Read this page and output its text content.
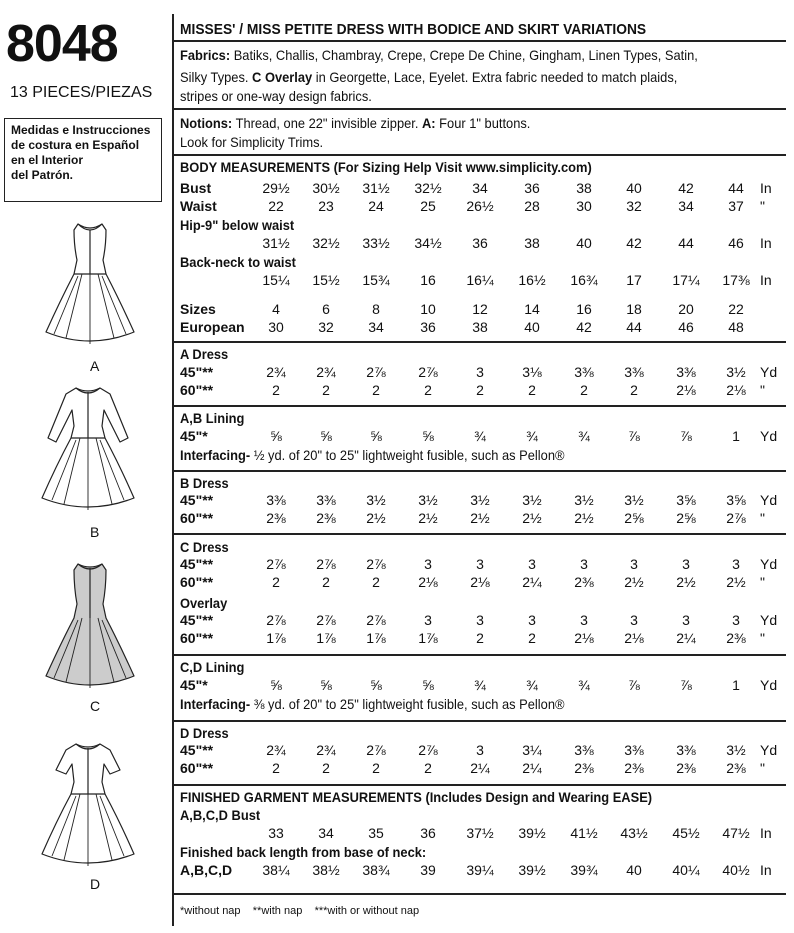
8048
13 PIECES/PIEZAS
Medidas e Instrucciones
de costura en Español
en el Interior
del Patrón.
A
B
C
D
MISSES' / MISS PETITE DRESS WITH BODICE AND SKIRT VARIATIONS
Fabrics: Batiks, Challis, Chambray, Crepe, Crepe De Chine, Gingham, Linen Types, Satin,
Silky Types. C Overlay in Georgette, Lace, Eyelet. Extra fabric needed to match plaids,
stripes or one-way design fabrics.
Notions: Thread, one 22" invisible zipper. A: Four 1" buttons.
Look for Simplicity Trims.
BODY MEASUREMENTS (For Sizing Help Visit www.simplicity.com)
Bust	29½	30½	31½	32½	34	36	38	40	42	44	In
Waist	22	23	24	25	26½	28	30	32	34	37	"
Hip-9" below waist
31½	32½	33½	34½	36	38	40	42	44	46	In
Back-neck to waist
15¼	15½	15¾	16	16¼	16½	16¾	17	17¼	17⅜ In
Sizes	4	6	8	10	12	14	16	18	20	22
European	30	32	34	36	38	40	42	44	46	48
A Dress
45"**	2¾	2¾	2⅞	2⅞	3	3⅛	3⅜	3⅜	3⅜	3½	Yd
60"**	2	2	2	2	2	2	2	2	2⅛	2⅛	"
A,B Lining
45"*	⅝	⅝	⅝	⅝	¾	¾	¾	⅞	⅞	1	Yd
Interfacing- ½ yd. of 20" to 25" lightweight fusible, such as Pellon®
B Dress
45"**	3⅜	3⅜	3½	3½	3½	3½	3½	3½	3⅝	3⅝	Yd
60"**	2⅜	2⅜	2½	2½	2½	2½	2½	2⅝	2⅝	2⅞	"
C Dress
45"**	2⅞	2⅞	2⅞	3	3	3	3	3	3	3	Yd
60"**	2	2	2	2⅛	2⅛	2¼	2⅜	2½	2½	2½	"
Overlay
45"**	2⅞	2⅞	2⅞	3	3	3	3	3	3	3	Yd
60"**	1⅞	1⅞	1⅞	1⅞	2	2	2⅛	2⅛	2¼	2⅜	"
C,D Lining
45"*	⅝	⅝	⅝	⅝	¾	¾	¾	⅞	⅞	1	Yd
Interfacing- ⅜ yd. of 20" to 25" lightweight fusible, such as Pellon®
D Dress
45"**	2¾	2¾	2⅞	2⅞	3	3¼	3⅜	3⅜	3⅜	3½	Yd
60"**	2	2	2	2	2¼	2¼	2⅜	2⅜	2⅜	2⅜	"
FINISHED GARMENT MEASUREMENTS (Includes Design and Wearing EASE)
A,B,C,D Bust
33	34	35	36	37½	39½	41½	43½	45½	47½ In
Finished back length from base of neck:
A,B,C,D	38¼	38½	38¾	39	39¼	39½	39¾	40	40¼	40½ In
*without nap **with nap ***with or without nap
